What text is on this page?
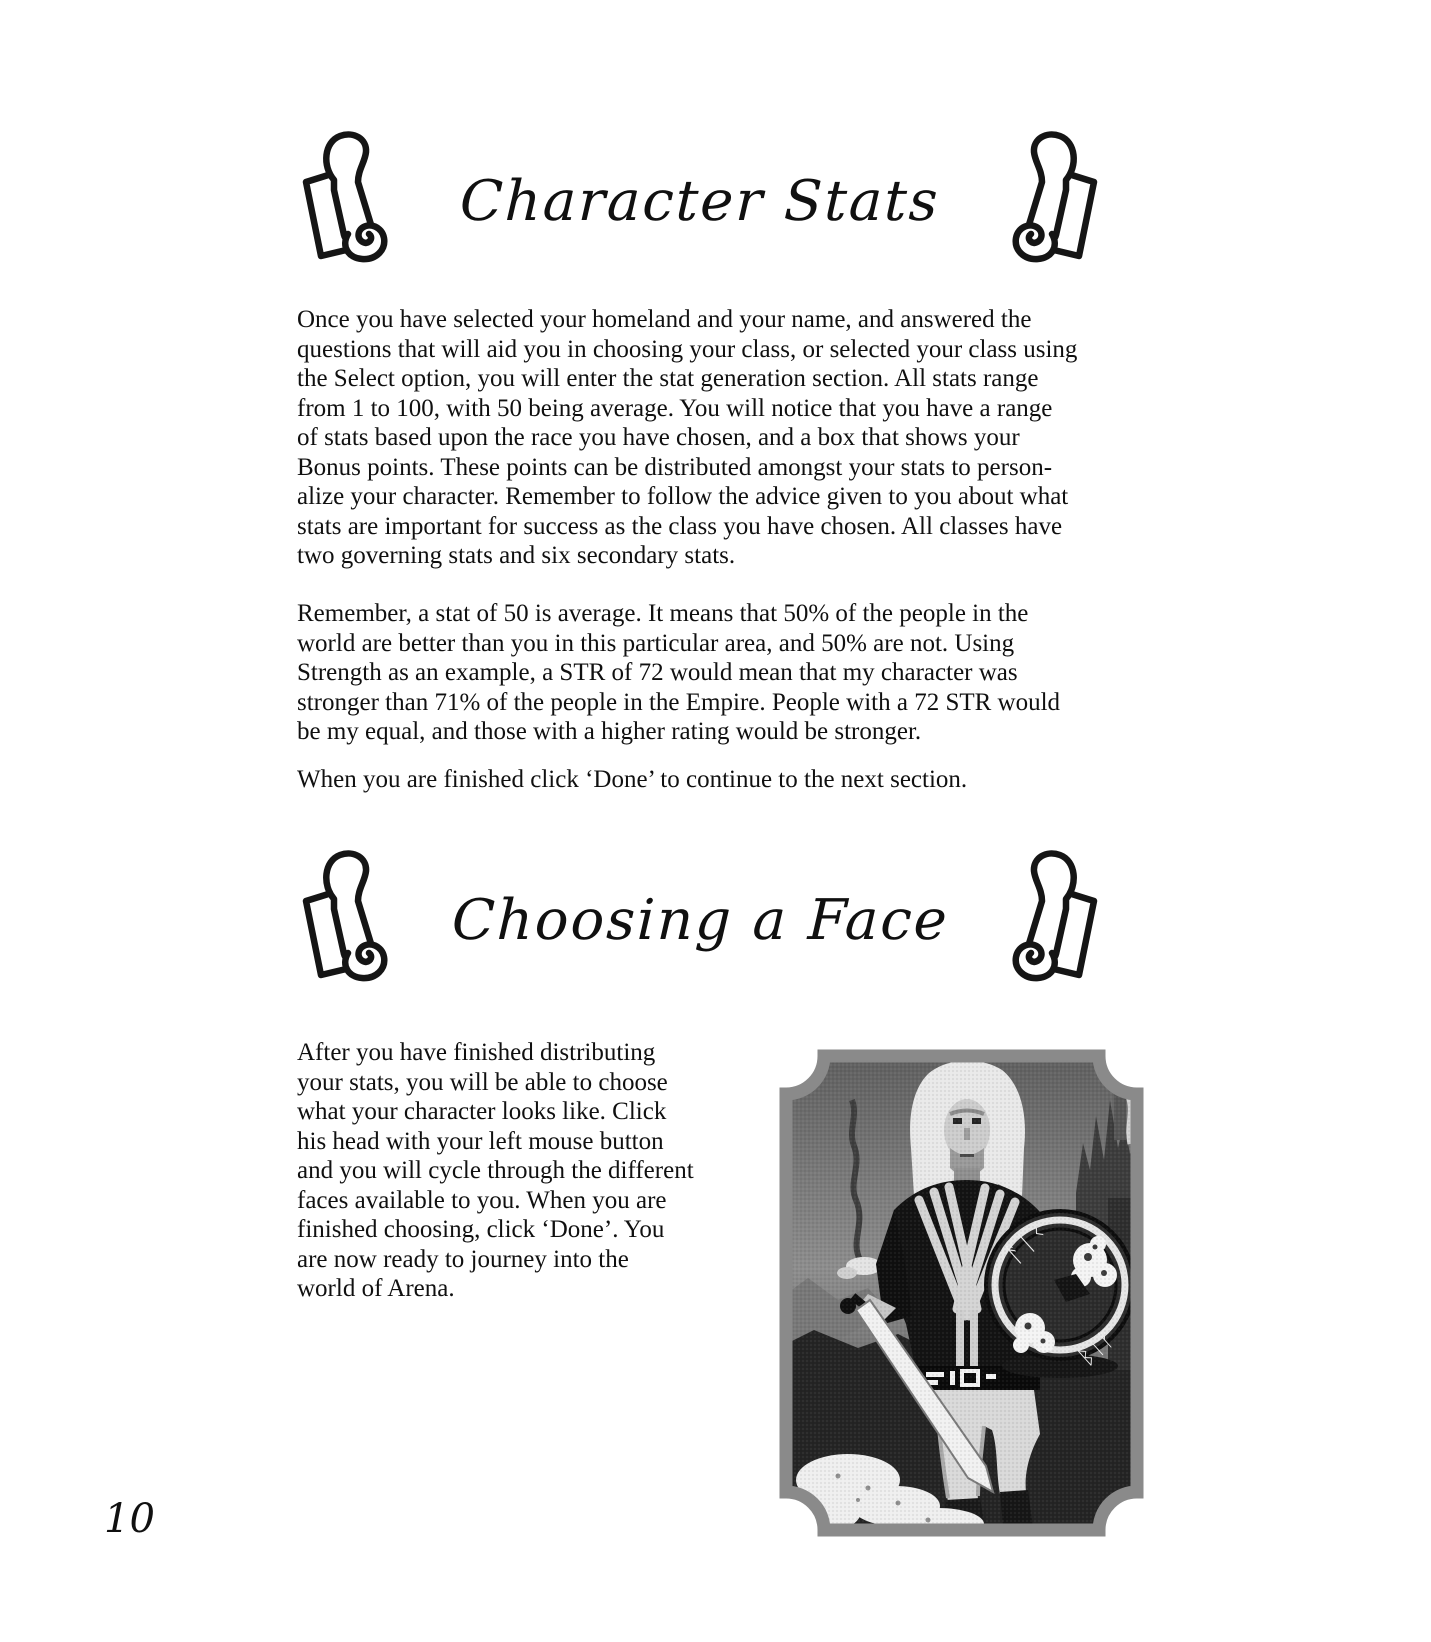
Character Stats
Once you have selected your homeland and your name, and answered the
questions that will aid you in choosing your class, or selected your class using
the Select option, you will enter the stat generation section. All stats range
from 1 to 100, with 50 being average. You will notice that you have a range
of stats based upon the race you have chosen, and a box that shows your
Bonus points. These points can be distributed amongst your stats to person-
alize your character. Remember to follow the advice given to you about what
stats are important for success as the class you have chosen. All classes have
two governing stats and six secondary stats.
Remember, a stat of 50 is average. It means that 50% of the people in the
world are better than you in this particular area, and 50% are not. Using
Strength as an example, a STR of 72 would mean that my character was
stronger than 71% of the people in the Empire. People with a 72 STR would
be my equal, and those with a higher rating would be stronger.
When you are finished click ‘Done’ to continue to the next section.
Choosing a Face
After you have finished distributing
your stats, you will be able to choose
what your character looks like. Click
his head with your left mouse button
and you will cycle through the different
faces available to you. When you are
finished choosing, click ‘Done’. You
are now ready to journey into the
world of Arena.
10
